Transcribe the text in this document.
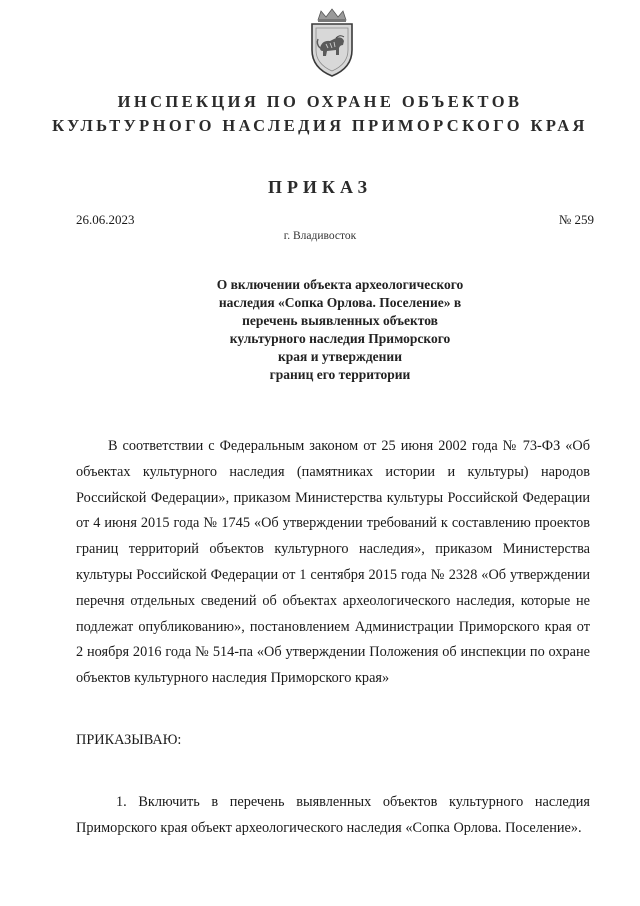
ИНСПЕКЦИЯ ПО ОХРАНЕ ОБЪЕКТОВ
КУЛЬТУРНОГО НАСЛЕДИЯ ПРИМОРСКОГО КРАЯ
ПРИКАЗ
26.06.2023	№ 259
г. Владивосток
О включении объекта археологического
наследия «Сопка Орлова. Поселение» в
перечень выявленных объектов
культурного наследия Приморского
края и утверждении
границ его территории
В соответствии с Федеральным законом от 25 июня 2002 года № 73-ФЗ «Об объектах культурного наследия (памятниках истории и культуры) народов Российской Федерации», приказом Министерства культуры Российской Федерации от 4 июня 2015 года № 1745 «Об утверждении требований к составлению проектов границ территорий объектов культурного наследия», приказом Министерства культуры Российской Федерации от 1 сентября 2015 года № 2328 «Об утверждении перечня отдельных сведений об объектах археологического наследия, которые не подлежат опубликованию», постановлением Администрации Приморского края от 2 ноября 2016 года № 514-па «Об утверждении Положения об инспекции по охране объектов культурного наследия Приморского края»
ПРИКАЗЫВАЮ:
1. Включить в перечень выявленных объектов культурного наследия Приморского края объект археологического наследия «Сопка Орлова. Поселение».
